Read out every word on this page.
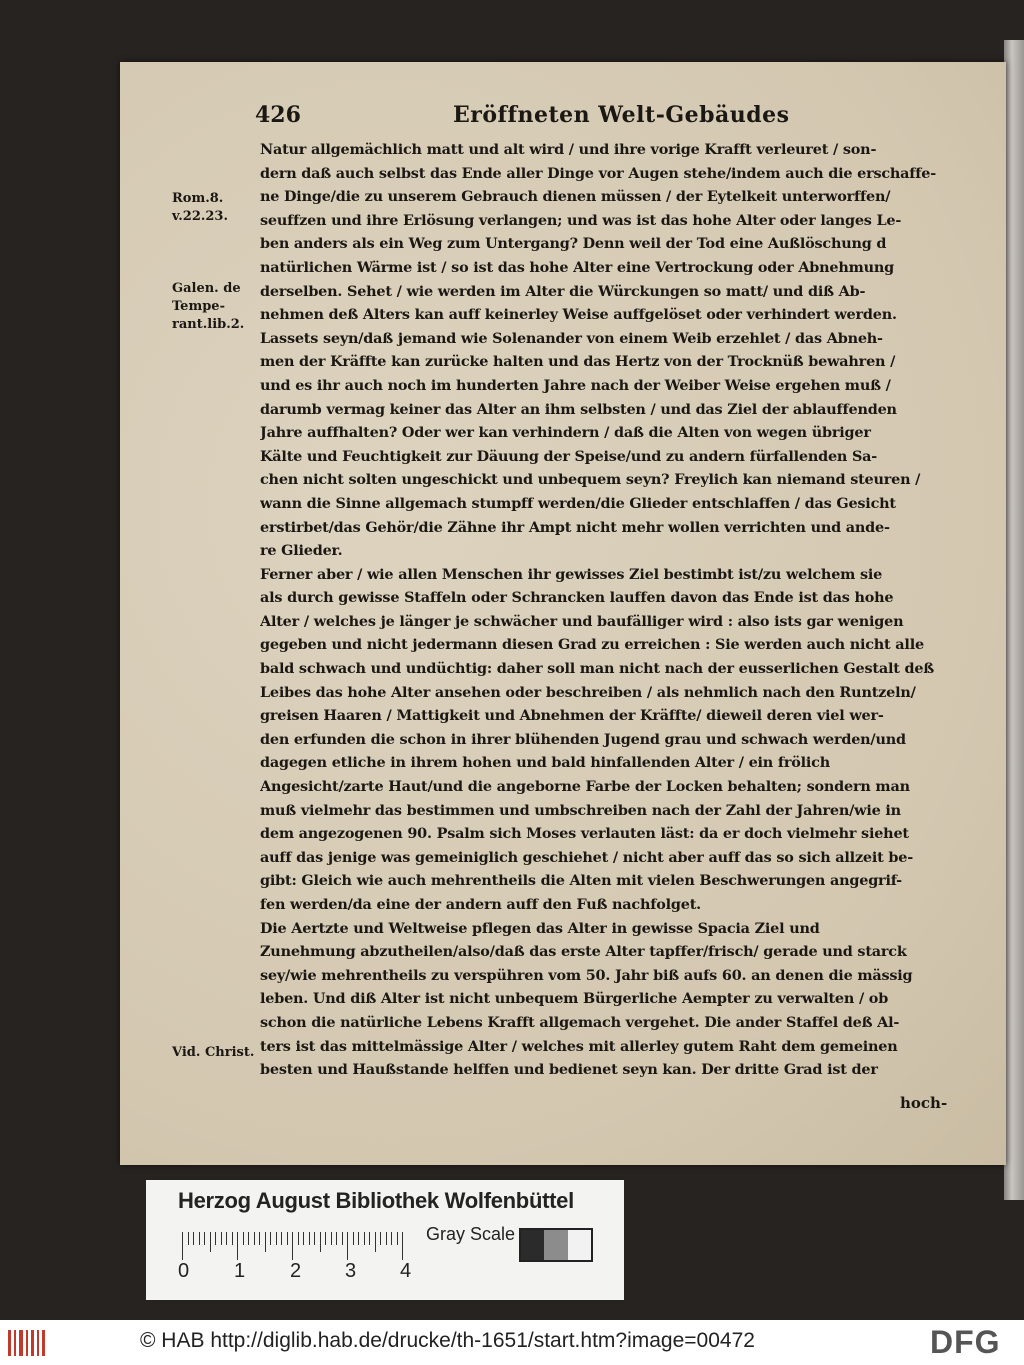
426	Eröffneten Welt-Gebäudes
Rom.8. v.22.23.
Galen. de Tempe-rant.lib.2.
Vid. Christ.
Natur allgemächlich matt und alt wird / und ihre vorige Krafft verleuret / son-
dern daß auch selbst das Ende aller Dinge vor Augen stehe/indem auch die erschaffe-
ne Dinge/die zu unserem Gebrauch dienen müssen / der Eytelkeit unterworffen/
seuffzen und ihre Erlösung verlangen; und was ist das hohe Alter oder langes Le-
ben anders als ein Weg zum Untergang? Denn weil der Tod eine Außlöschung d
natürlichen Wärme ist / so ist das hohe Alter eine Vertrockung oder Abnehmung
derselben. Sehet / wie werden im Alter die Würckungen so matt/ und diß Ab-
nehmen deß Alters kan auff keinerley Weise auffgelöset oder verhindert werden.
Lassets seyn/daß jemand wie Solenander von einem Weib erzehlet / das Abneh-
men der Kräffte kan zurücke halten und das Hertz von der Trocknüß bewahren /
und es ihr auch noch im hunderten Jahre nach der Weiber Weise ergehen muß /
darumb vermag keiner das Alter an ihm selbsten / und das Ziel der ablauffenden
Jahre auffhalten? Oder wer kan verhindern / daß die Alten von wegen übriger
Kälte und Feuchtigkeit zur Däuung der Speise/und zu andern fürfallenden Sa-
chen nicht solten ungeschickt und unbequem seyn? Freylich kan niemand steuren /
wann die Sinne allgemach stumpff werden/die Glieder entschlaffen / das Gesicht
erstirbet/das Gehör/die Zähne ihr Ampt nicht mehr wollen verrichten und ande-
re Glieder.
Ferner aber / wie allen Menschen ihr gewisses Ziel bestimbt ist/zu welchem sie
als durch gewisse Staffeln oder Schrancken lauffen davon das Ende ist das hohe
Alter / welches je länger je schwächer und baufälliger wird : also ists gar wenigen
gegeben und nicht jedermann diesen Grad zu erreichen : Sie werden auch nicht alle
bald schwach und undüchtig: daher soll man nicht nach der eusserlichen Gestalt deß
Leibes das hohe Alter ansehen oder beschreiben / als nehmlich nach den Runtzeln/
greisen Haaren / Mattigkeit und Abnehmen der Kräffte/ dieweil deren viel wer-
den erfunden die schon in ihrer blühenden Jugend grau und schwach werden/und
dagegen etliche in ihrem hohen und bald hinfallenden Alter / ein frölich
Angesicht/zarte Haut/und die angeborne Farbe der Locken behalten; sondern man
muß vielmehr das bestimmen und umbschreiben nach der Zahl der Jahren/wie in
dem angezogenen 90. Psalm sich Moses verlauten läst: da er doch vielmehr siehet
auff das jenige was gemeiniglich geschiehet / nicht aber auff das so sich allzeit be-
gibt: Gleich wie auch mehrentheils die Alten mit vielen Beschwerungen angegrif-
fen werden/da eine der andern auff den Fuß nachfolget.
Die Aertzte und Weltweise pflegen das Alter in gewisse Spacia Ziel und
Zunehmung abzutheilen/also/daß das erste Alter tapffer/frisch/ gerade und starck
sey/wie mehrentheils zu verspühren vom 50. Jahr biß aufs 60. an denen die mässig
leben. Und diß Alter ist nicht unbequem Bürgerliche Aempter zu verwalten / ob
schon die natürliche Lebens Krafft allgemach vergehet. Die ander Staffel deß Al-
ters ist das mittelmässige Alter / welches mit allerley gutem Raht dem gemeinen
besten und Haußstande helffen und bedienet seyn kan. Der dritte Grad ist der
hoch-
Herzog August Bibliothek Wolfenbüttel
0 1 2 3 4
Gray Scale
© HAB http://diglib.hab.de/drucke/th-1651/start.htm?image=00472	DFG
